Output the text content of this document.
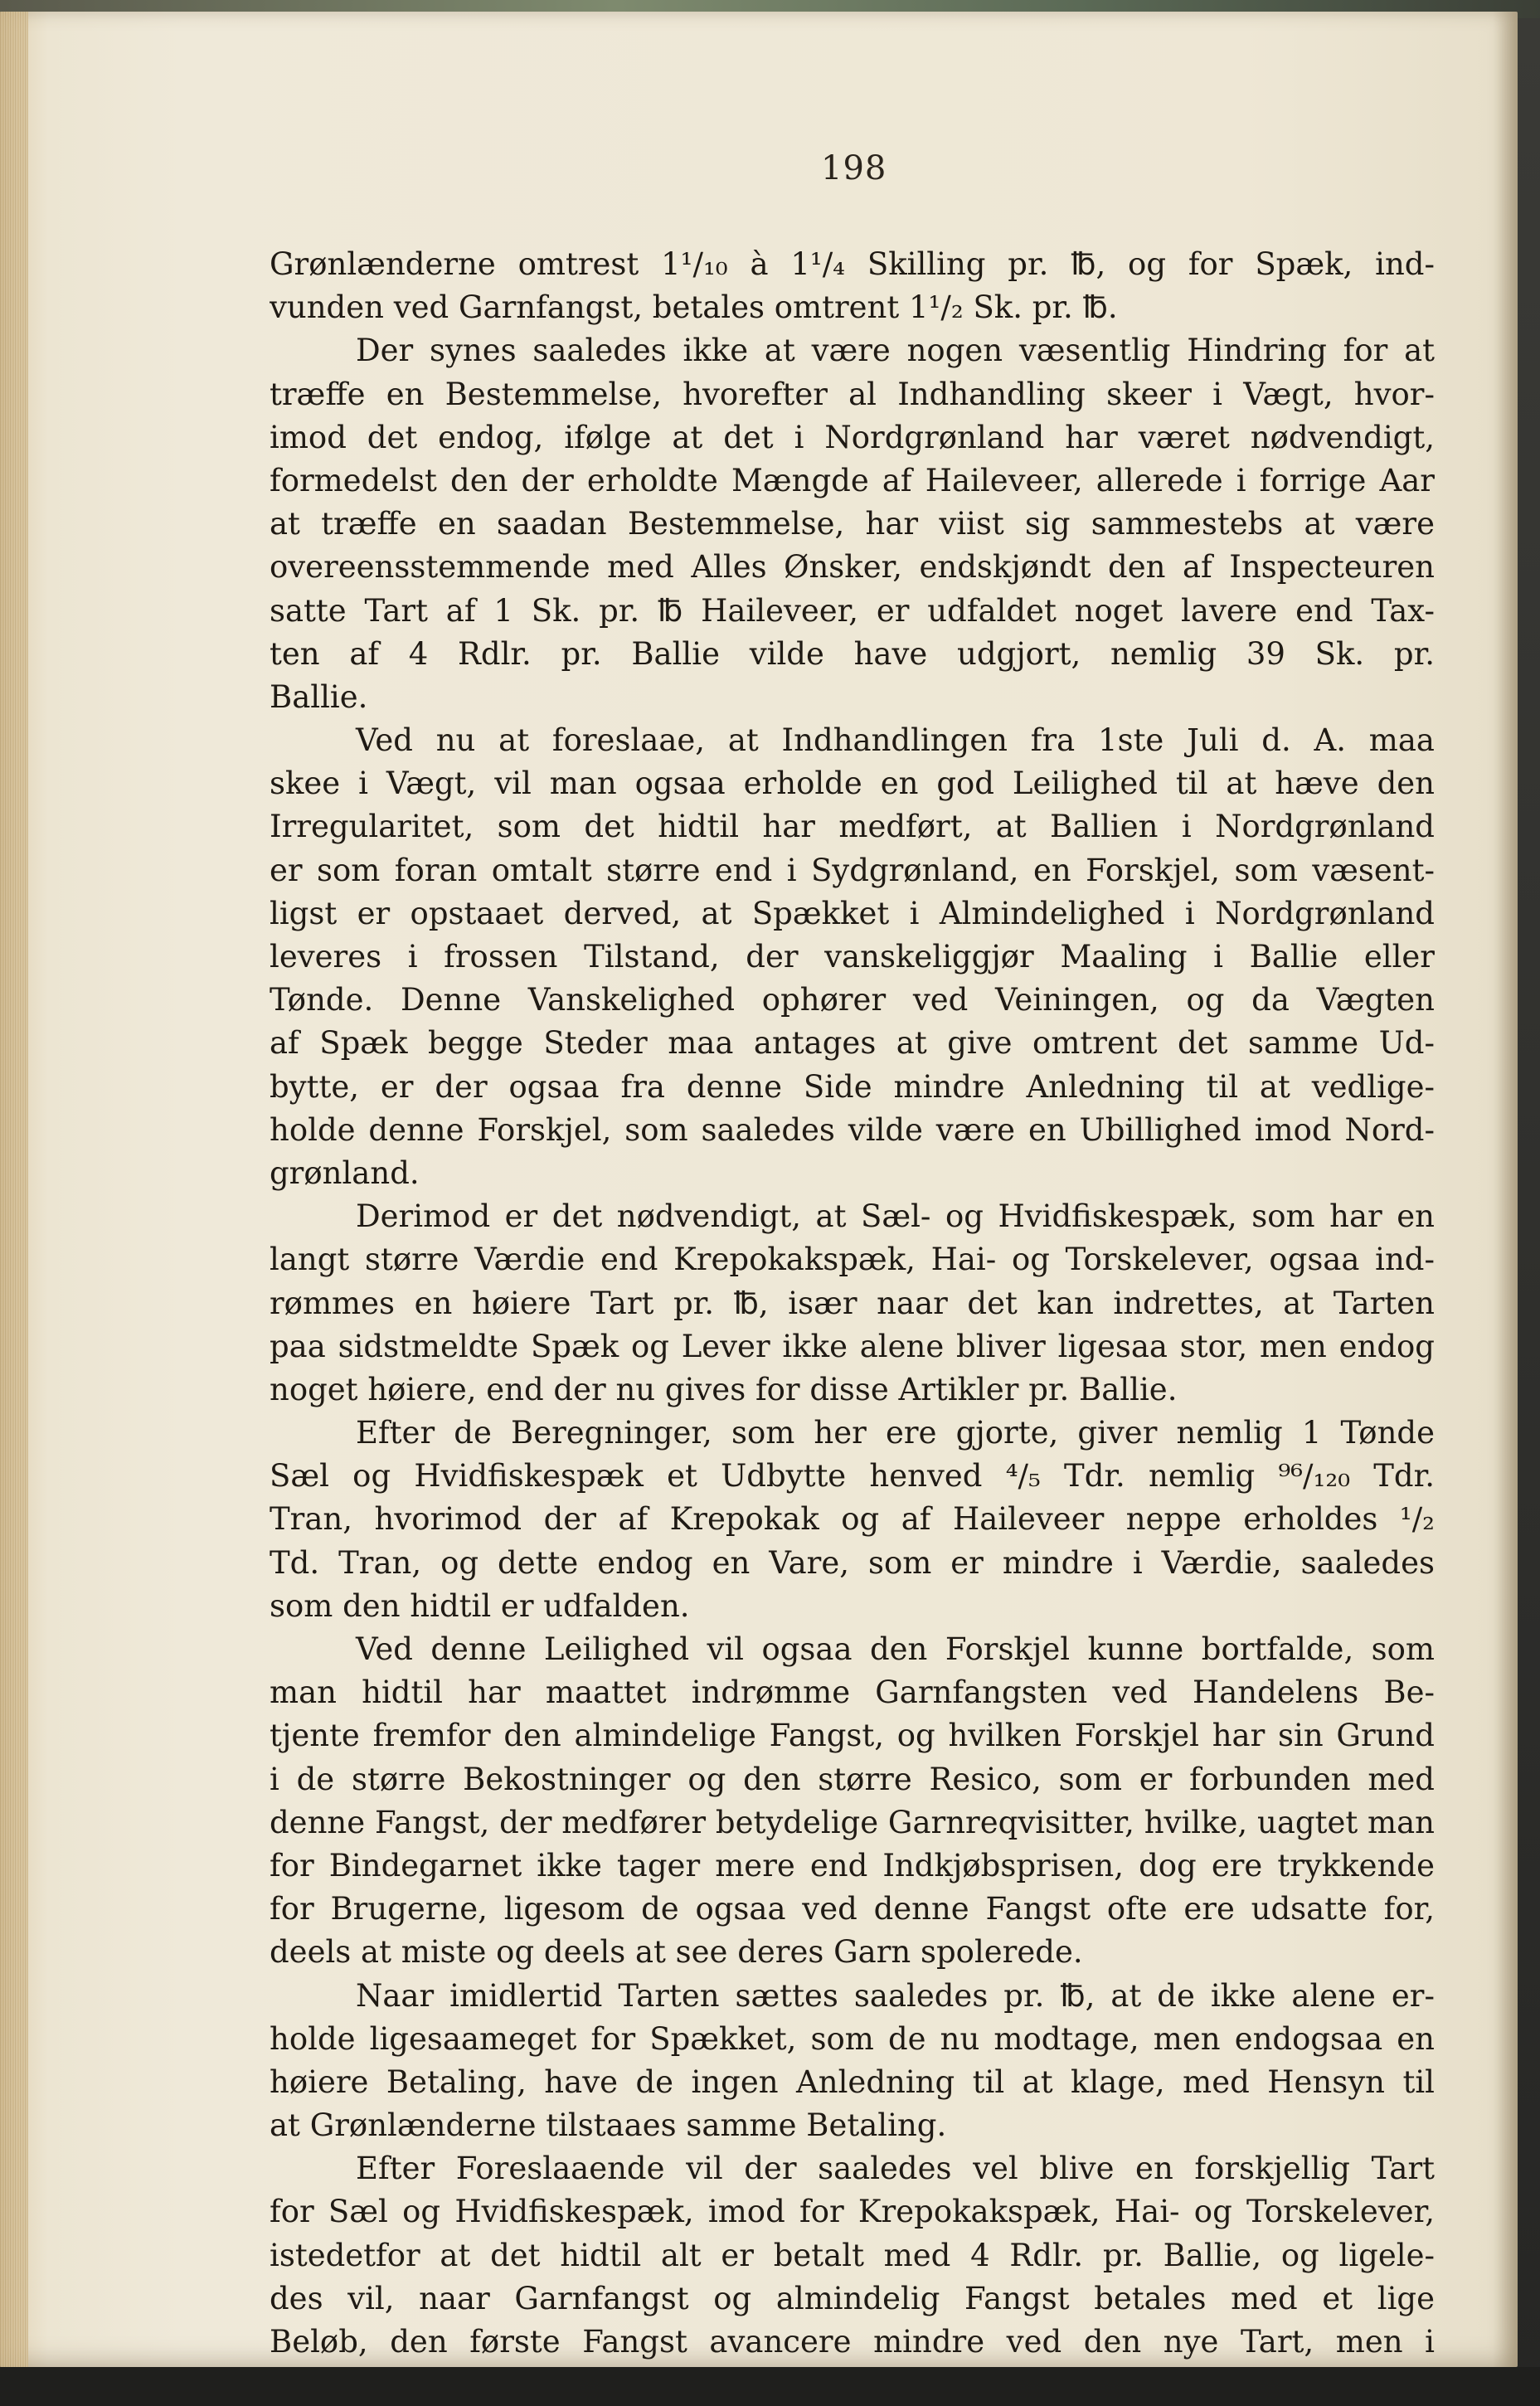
198
Grønlænderne omtrest 1¹/₁₀ à 1¹/₄ Skilling pr. ℔, og for Spæk, ind-
vunden ved Garnfangst, betales omtrent 1¹/₂ Sk. pr. ℔.
Der synes saaledes ikke at være nogen væsentlig Hindring for at
træffe en Bestemmelse, hvorefter al Indhandling skeer i Vægt, hvor-
imod det endog, ifølge at det i Nordgrønland har været nødvendigt,
formedelst den der erholdte Mængde af Haileveer, allerede i forrige Aar
at træffe en saadan Bestemmelse, har viist sig sammestebs at være
overeensstemmende med Alles Ønsker, endskjøndt den af Inspecteuren
satte Tart af 1 Sk. pr. ℔ Haileveer, er udfaldet noget lavere end Tax-
ten af 4 Rdlr. pr. Ballie vilde have udgjort, nemlig 39 Sk. pr.
Ballie.
Ved nu at foreslaae, at Indhandlingen fra 1ste Juli d. A. maa
skee i Vægt, vil man ogsaa erholde en god Leilighed til at hæve den
Irregularitet, som det hidtil har medført, at Ballien i Nordgrønland
er som foran omtalt større end i Sydgrønland, en Forskjel, som væsent-
ligst er opstaaet derved, at Spækket i Almindelighed i Nordgrønland
leveres i frossen Tilstand, der vanskeliggjør Maaling i Ballie eller
Tønde. Denne Vanskelighed ophører ved Veiningen, og da Vægten
af Spæk begge Steder maa antages at give omtrent det samme Ud-
bytte, er der ogsaa fra denne Side mindre Anledning til at vedlige-
holde denne Forskjel, som saaledes vilde være en Ubillighed imod Nord-
grønland.
Derimod er det nødvendigt, at Sæl- og Hvidfiskespæk, som har en
langt større Værdie end Krepokakspæk, Hai- og Torskelever, ogsaa ind-
rømmes en høiere Tart pr. ℔, især naar det kan indrettes, at Tarten
paa sidstmeldte Spæk og Lever ikke alene bliver ligesaa stor, men endog
noget høiere, end der nu gives for disse Artikler pr. Ballie.
Efter de Beregninger, som her ere gjorte, giver nemlig 1 Tønde
Sæl og Hvidfiskespæk et Udbytte henved ⁴/₅ Tdr. nemlig ⁹⁶/₁₂₀ Tdr.
Tran, hvorimod der af Krepokak og af Haileveer neppe erholdes ¹/₂
Td. Tran, og dette endog en Vare, som er mindre i Værdie, saaledes
som den hidtil er udfalden.
Ved denne Leilighed vil ogsaa den Forskjel kunne bortfalde, som
man hidtil har maattet indrømme Garnfangsten ved Handelens Be-
tjente fremfor den almindelige Fangst, og hvilken Forskjel har sin Grund
i de større Bekostninger og den større Resico, som er forbunden med
denne Fangst, der medfører betydelige Garnreqvisitter, hvilke, uagtet man
for Bindegarnet ikke tager mere end Indkjøbsprisen, dog ere trykkende
for Brugerne, ligesom de ogsaa ved denne Fangst ofte ere udsatte for,
deels at miste og deels at see deres Garn spolerede.
Naar imidlertid Tarten sættes saaledes pr. ℔, at de ikke alene er-
holde ligesaameget for Spækket, som de nu modtage, men endogsaa en
høiere Betaling, have de ingen Anledning til at klage, med Hensyn til
at Grønlænderne tilstaaes samme Betaling.
Efter Foreslaaende vil der saaledes vel blive en forskjellig Tart
for Sæl og Hvidfiskespæk, imod for Krepokakspæk, Hai- og Torskelever,
istedetfor at det hidtil alt er betalt med 4 Rdlr. pr. Ballie, og ligele-
des vil, naar Garnfangst og almindelig Fangst betales med et lige
Beløb, den første Fangst avancere mindre ved den nye Tart, men i
